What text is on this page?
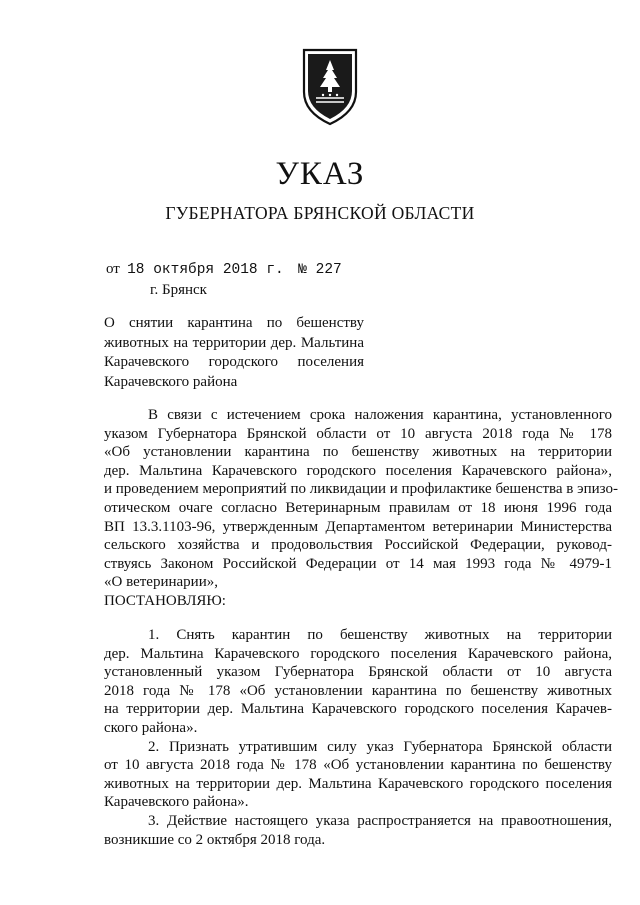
УКАЗ
ГУБЕРНАТОРА БРЯНСКОЙ ОБЛАСТИ
от 18 октября 2018 г. № 227
г. Брянск
О снятии карантина по бешенству
животных на территории дер. Мальтина
Карачевского городского поселения
Карачевского района
В связи с истечением срока наложения карантина, установленного
указом Губернатора Брянской области от 10 августа 2018 года № 178
«Об установлении карантина по бешенству животных на территории
дер. Мальтина Карачевского городского поселения Карачевского района»,
и проведением мероприятий по ликвидации и профилактике бешенства в эпизо-
отическом очаге согласно Ветеринарным правилам от 18 июня 1996 года
ВП 13.3.1103-96, утвержденным Департаментом ветеринарии Министерства
сельского хозяйства и продовольствия Российской Федерации, руковод-
ствуясь Законом Российской Федерации от 14 мая 1993 года № 4979-1
«О ветеринарии»,
ПОСТАНОВЛЯЮ:
1. Снять карантин по бешенству животных на территории
дер. Мальтина Карачевского городского поселения Карачевского района,
установленный указом Губернатора Брянской области от 10 августа
2018 года № 178 «Об установлении карантина по бешенству животных
на территории дер. Мальтина Карачевского городского поселения Карачев-
ского района».
2. Признать утратившим силу указ Губернатора Брянской области
от 10 августа 2018 года № 178 «Об установлении карантина по бешенству
животных на территории дер. Мальтина Карачевского городского поселения
Карачевского района».
3. Действие настоящего указа распространяется на правоотношения,
возникшие со 2 октября 2018 года.
